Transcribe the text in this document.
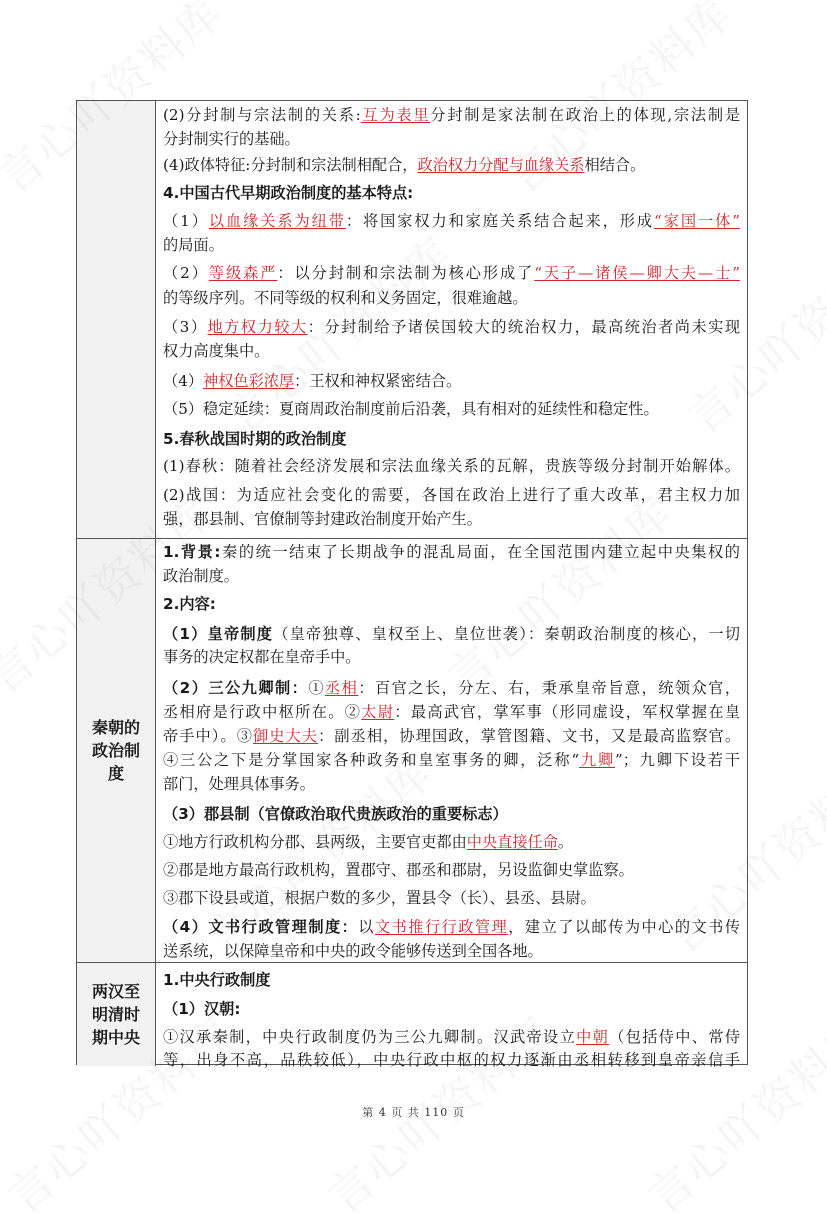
(2)分封制与宗法制的关系:互为表里分封制是家法制在政治上的体现,宗法制是
分封制实行的基础。
(4)政体特征:分封制和宗法制相配合，政治权力分配与血缘关系相结合。
4.中国古代早期政治制度的基本特点:
（1）以血缘关系为纽带：将国家权力和家庭关系结合起来，形成“家国一体”
的局面。
（2）等级森严：以分封制和宗法制为核心形成了“天子—诸侯—卿大夫—士”
的等级序列。不同等级的权利和义务固定，很难逾越。
（3）地方权力较大：分封制给予诸侯国较大的统治权力，最高统治者尚未实现
权力高度集中。
（4）神权色彩浓厚：王权和神权紧密结合。
（5）稳定延续：夏商周政治制度前后沿袭，具有相对的延续性和稳定性。
5.春秋战国时期的政治制度
(1)春秋：随着社会经济发展和宗法血缘关系的瓦解，贵族等级分封制开始解体。
(2)战国：为适应社会变化的需要，各国在政治上进行了重大改革，君主权力加
强，郡县制、官僚制等封建政治制度开始产生。
秦朝的政治制度
1.背景:秦的统一结束了长期战争的混乱局面，在全国范围内建立起中央集权的
政治制度。
2.内容:
（1）皇帝制度（皇帝独尊、皇权至上、皇位世袭）：秦朝政治制度的核心，一切
事务的决定权都在皇帝手中。
（2）三公九卿制：①丞相：百官之长，分左、右，秉承皇帝旨意，统领众官，
丞相府是行政中枢所在。②太尉：最高武官，掌军事（形同虚设，军权掌握在皇
帝手中）。③御史大夫：副丞相，协理国政，掌管图籍、文书，又是最高监察官。
④三公之下是分掌国家各种政务和皇室事务的卿，泛称“九卿”；九卿下设若干
部门，处理具体事务。
（3）郡县制（官僚政治取代贵族政治的重要标志）
①地方行政机构分郡、县两级，主要官吏都由中央直接任命。
②郡是地方最高行政机构，置郡守、郡丞和郡尉，另设监御史掌监察。
③郡下设县或道，根据户数的多少，置县令（长）、县丞、县尉。
（4）文书行政管理制度：以文书推行行政管理，建立了以邮传为中心的文书传
送系统，以保障皇帝和中央的政令能够传送到全国各地。
两汉至明清时期中央
1.中央行政制度
（1）汉朝:
①汉承秦制，中央行政制度仍为三公九卿制。汉武帝设立中朝（包括侍中、常侍
等，出身不高，品秩较低），中央行政中枢的权力逐渐由丞相转移到皇帝亲信手
第 4 页 共 110 页
